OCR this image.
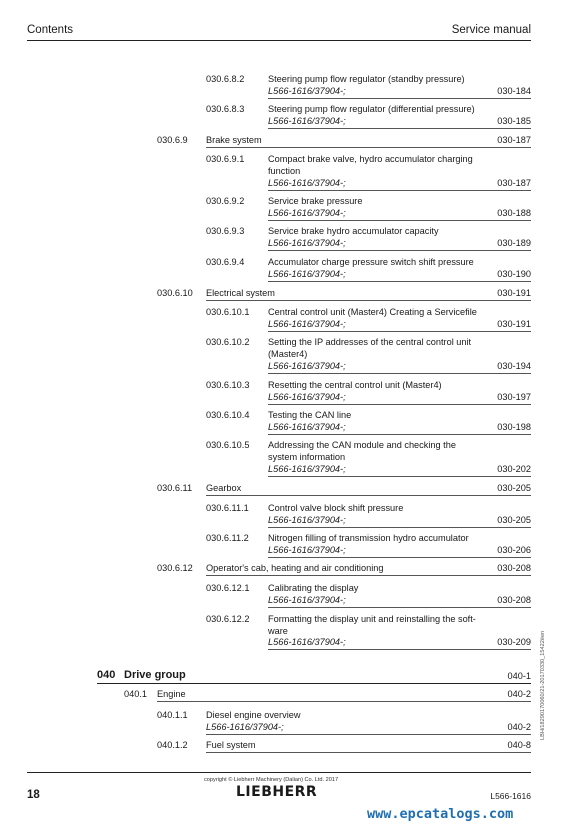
Contents	Service manual
030.6.8.2	Steering pump flow regulator (standby pressure)
L566-1616/37904-;	030-184
030.6.8.3	Steering pump flow regulator (differential pressure)
L566-1616/37904-;	030-185
030.6.9 Brake system	030-187
030.6.9.1	Compact brake valve, hydro accumulator charging
function
L566-1616/37904-;	030-187
030.6.9.2	Service brake pressure
L566-1616/37904-;	030-188
030.6.9.3	Service brake hydro accumulator capacity
L566-1616/37904-;	030-189
030.6.9.4	Accumulator charge pressure switch shift pressure
L566-1616/37904-;	030-190
030.6.10 Electrical system	030-191
030.6.10.1 Central control unit (Master4) Creating a Servicefile
L566-1616/37904-;	030-191
030.6.10.2 Setting the IP addresses of the central control unit
(Master4)
L566-1616/37904-;	030-194
030.6.10.3 Resetting the central control unit (Master4)
L566-1616/37904-;	030-197
030.6.10.4 Testing the CAN line
L566-1616/37904-;	030-198
030.6.10.5 Addressing the CAN module and checking the
system information
L566-1616/37904-;	030-202
030.6.11 Gearbox	030-205
030.6.11.1 Control valve block shift pressure
L566-1616/37904-;	030-205
030.6.11.2 Nitrogen filling of transmission hydro accumulator
L566-1616/37904-;	030-206
030.6.12 Operator's cab, heating and air conditioning	030-208
030.6.12.1 Calibrating the display
L566-1616/37904-;	030-208
030.6.12.2 Formatting the display unit and reinstalling the soft-
ware
L566-1616/37904-;	030-209
040 Drive group	040-1
040.1 Engine	040-2
040.1.1 Diesel engine overview
L566-1616/37904-;	040-2
040.1.2 Fuel system	040-8
LBH/18290170060/21-20170330_15422ëen
18
copyright © Liebherr Machinery (Dalian) Co. Ltd. 2017
LIEBHERR	L566-1616
www.epcatalogs.com
